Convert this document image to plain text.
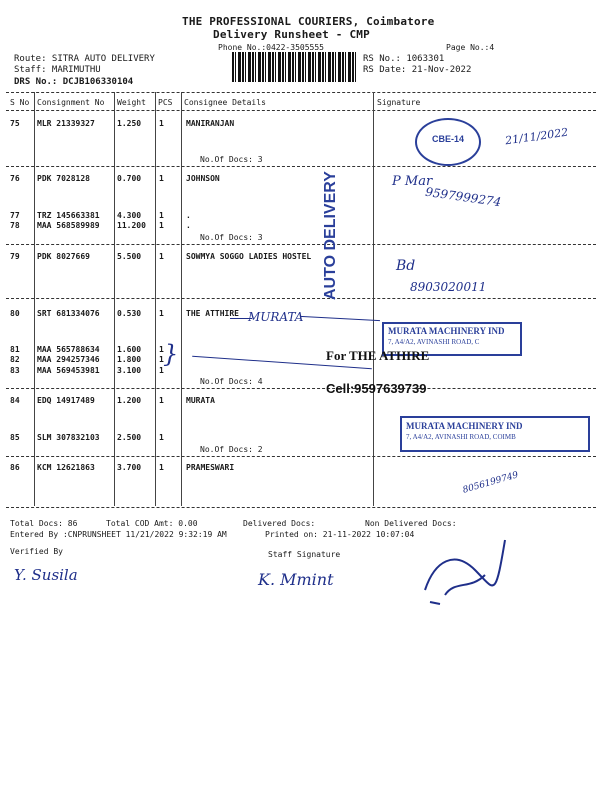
THE PROFESSIONAL COURIERS, Coimbatore
Delivery Runsheet - CMP
Phone No.:0422-3505555	Page No.:4
Route: SITRA AUTO DELIVERY
Staff: MARIMUTHU
DRS No.: DCJB106330104
RS No.: 1063301
RS Date: 21-Nov-2022
S No Consignment No Weight PCS Consignee Details	Signature
75 MLR 21339327	1.250 1	MANIRANJAN
No.Of Docs: 3
76 PDK 7028128	0.700 1	JOHNSON
77 TRZ 145663381 4.300 1	.
78 MAA 568589989 11.200 1	.
No.Of Docs: 3
79 PDK 8027669	5.500 1	SOWMYA SOGGO LADIES HOSTEL
80 SRT 681334076 0.530 1	THE ATTHIRE
81 MAA 565788634 1.600 1
82 MAA 294257346 1.800 1
83 MAA 569453981 3.100 1
No.Of Docs: 4
84 EDQ 14917489	1.200 1	MURATA
85 SLM 307832103 2.500 1
No.Of Docs: 2
86 KCM 12621863	3.700 1	PRAMESWARI
Total Docs: 86	Total COD Amt: 0.00	Delivered Docs:	Non Delivered Docs:
Entered By :CNPRUNSHEET 11/21/2022 9:32:19 AM	Printed on: 21-11-2022 10:07:04
Verified By	Staff Signature
AUTO DELIVERY
CBE-14
MURATA
}
MURATA MACHINERY IND
7, A4/A2, AVINASHI ROAD, C
For THE ATHIRE
Cell:9597639739
MURATA MACHINERY IND
7, A4/A2, AVINASHI ROAD, COIMB
9597999274
P Mar
8903020011
Bd
8056199749
21/11/2022
Y. Susila	K. Mmint
